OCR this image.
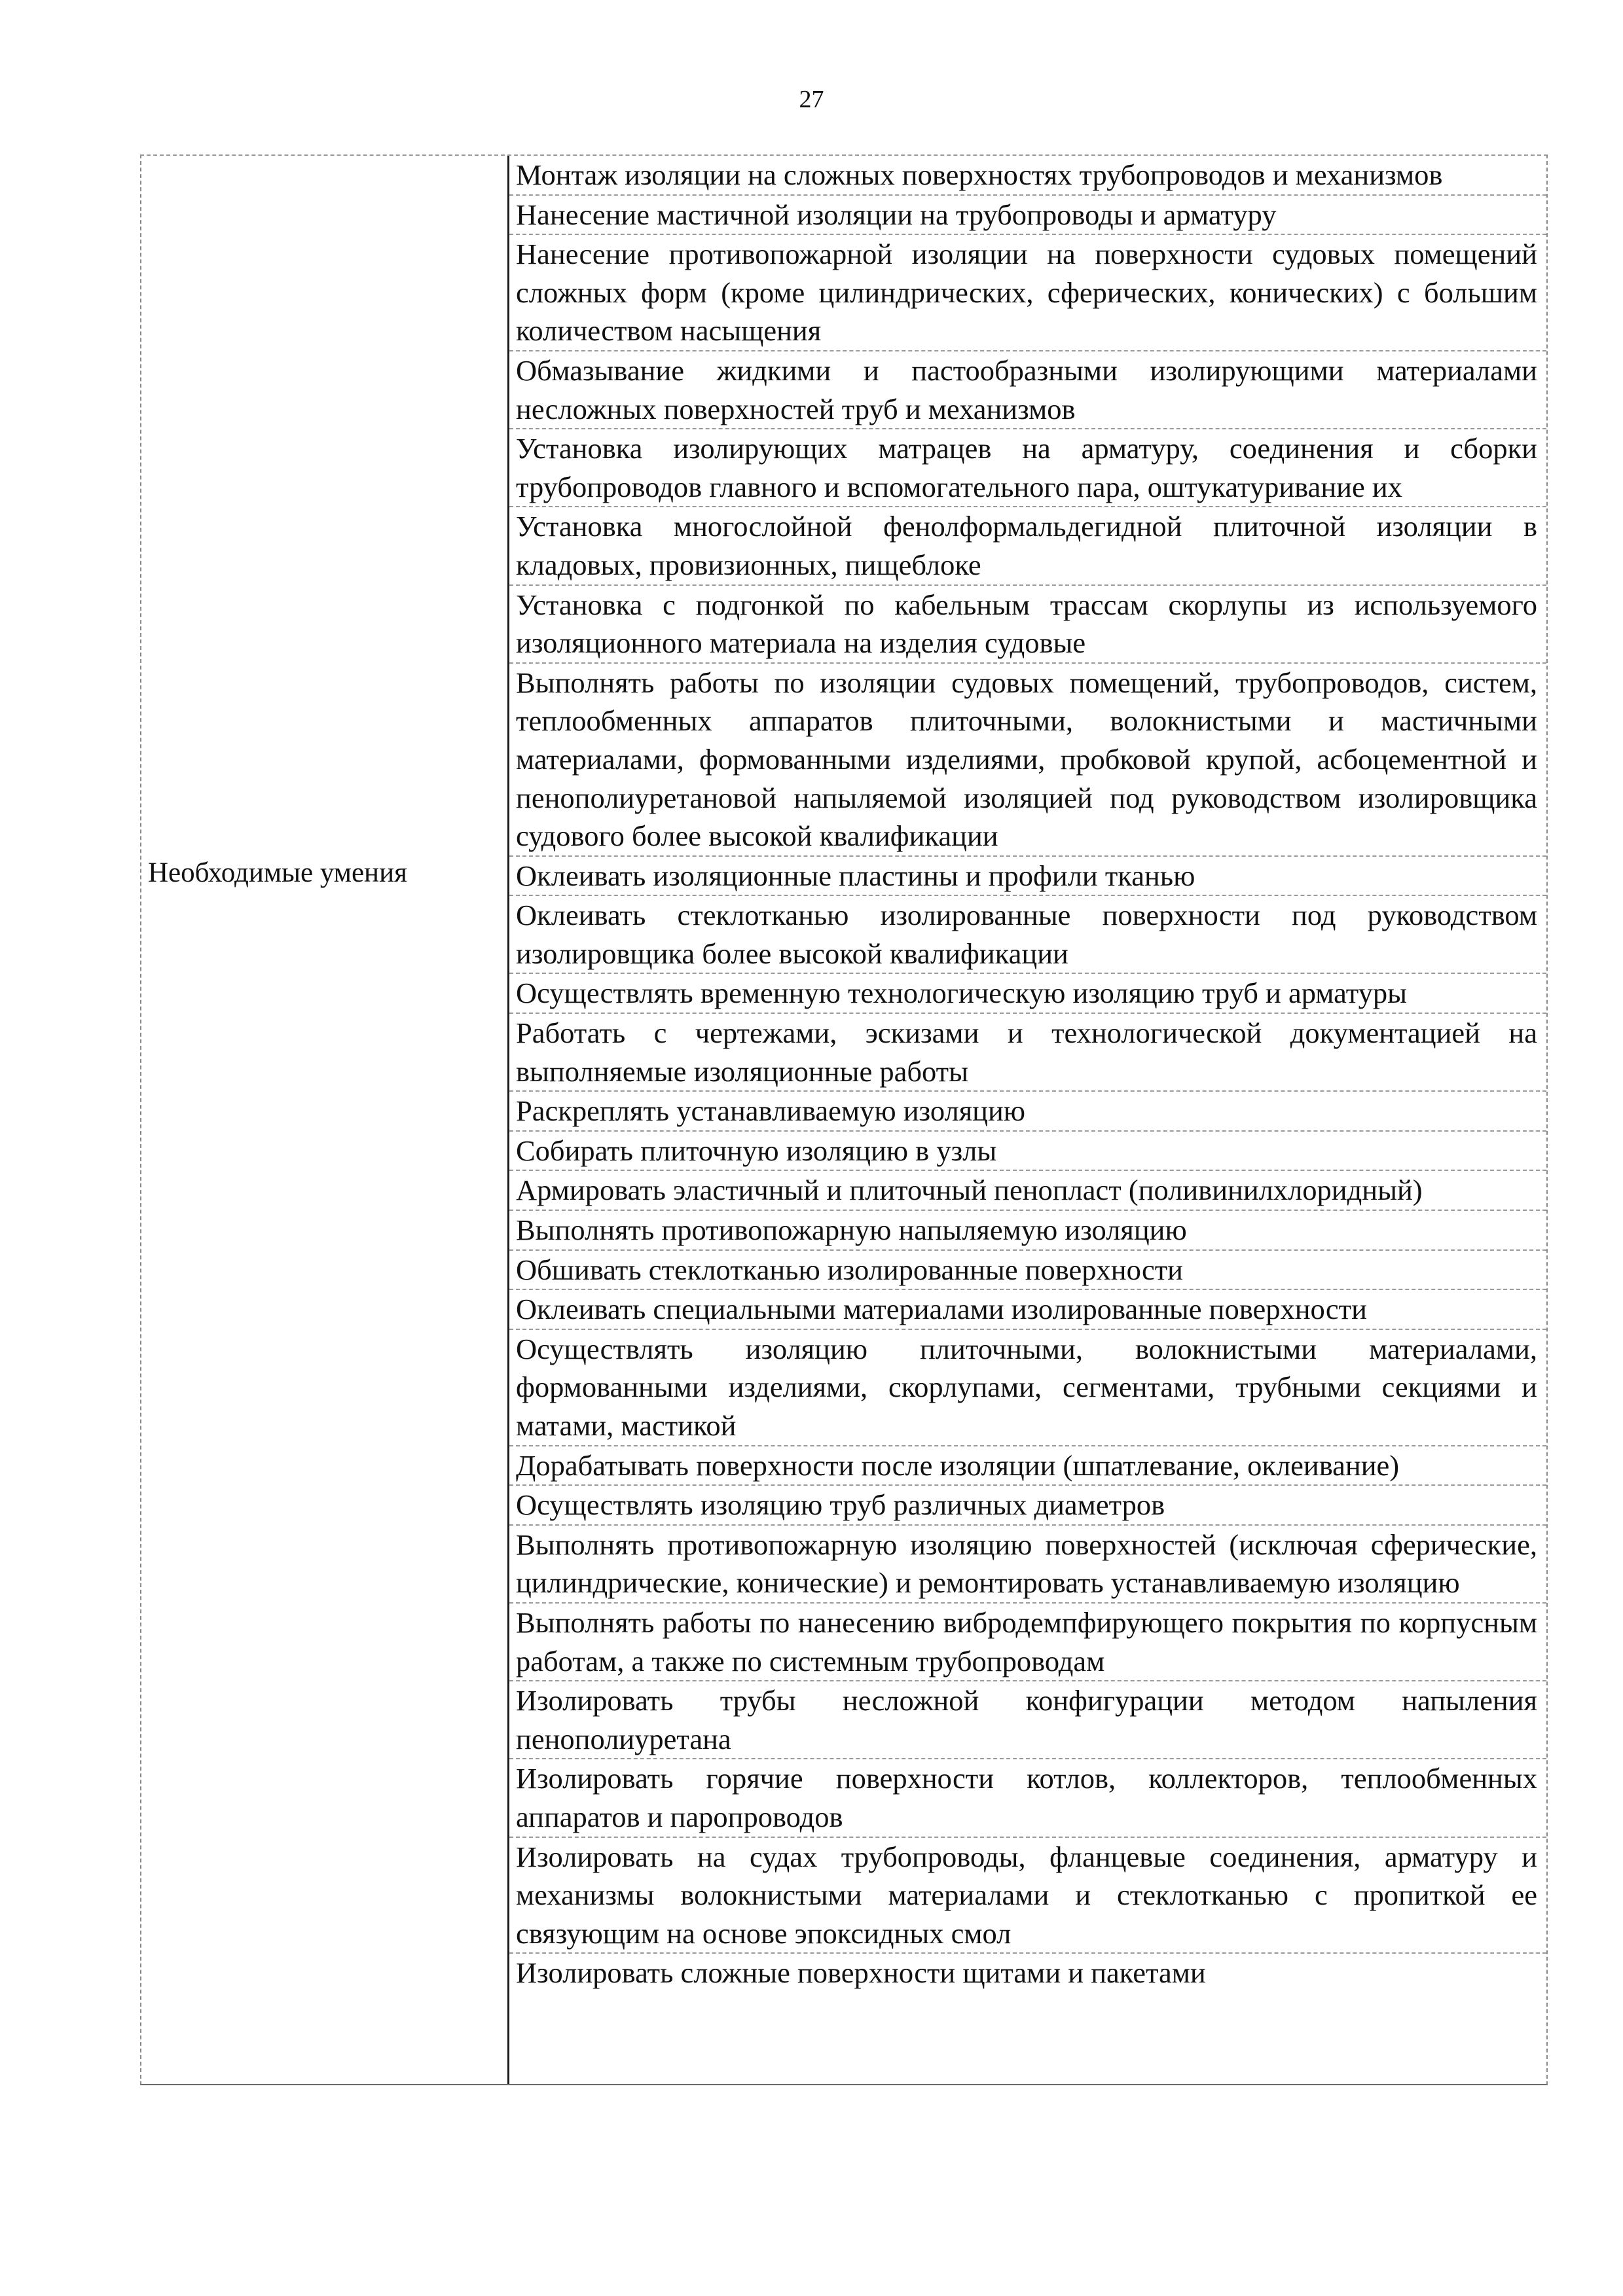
27
Необходимые умения
Монтаж изоляции на сложных поверхностях трубопроводов и механизмов
Нанесение мастичной изоляции на трубопроводы и арматуру
Нанесение противопожарной изоляции на поверхности судовых помещений сложных форм (кроме цилиндрических, сферических, конических) с большим количеством насыщения
Обмазывание жидкими и пастообразными изолирующими материалами несложных поверхностей труб и механизмов
Установка изолирующих матрацев на арматуру, соединения и сборки трубопроводов главного и вспомогательного пара, оштукатуривание их
Установка многослойной фенолформальдегидной плиточной изоляции в кладовых, провизионных, пищеблоке
Установка с подгонкой по кабельным трассам скорлупы из используемого изоляционного материала на изделия судовые
Выполнять работы по изоляции судовых помещений, трубопроводов, систем, теплообменных аппаратов плиточными, волокнистыми и мастичными материалами, формованными изделиями, пробковой крупой, асбоцементной и пенополиуретановой напыляемой изоляцией под руководством изолировщика судового более высокой квалификации
Оклеивать изоляционные пластины и профили тканью
Оклеивать стеклотканью изолированные поверхности под руководством изолировщика более высокой квалификации
Осуществлять временную технологическую изоляцию труб и арматуры
Работать с чертежами, эскизами и технологической документацией на выполняемые изоляционные работы
Раскреплять устанавливаемую изоляцию
Собирать плиточную изоляцию в узлы
Армировать эластичный и плиточный пенопласт (поливинилхлоридный)
Выполнять противопожарную напыляемую изоляцию
Обшивать стеклотканью изолированные поверхности
Оклеивать специальными материалами изолированные поверхности
Осуществлять изоляцию плиточными, волокнистыми материалами, формованными изделиями, скорлупами, сегментами, трубными секциями и матами, мастикой
Дорабатывать поверхности после изоляции (шпатлевание, оклеивание)
Осуществлять изоляцию труб различных диаметров
Выполнять противопожарную изоляцию поверхностей (исключая сферические, цилиндрические, конические) и ремонтировать устанавливаемую изоляцию
Выполнять работы по нанесению вибродемпфирующего покрытия по корпусным работам, а также по системным трубопроводам
Изолировать трубы несложной конфигурации методом напыления пенополиуретана
Изолировать горячие поверхности котлов, коллекторов, теплообменных аппаратов и паропроводов
Изолировать на судах трубопроводы, фланцевые соединения, арматуру и механизмы волокнистыми материалами и стеклотканью с пропиткой ее связующим на основе эпоксидных смол
Изолировать сложные поверхности щитами и пакетами
